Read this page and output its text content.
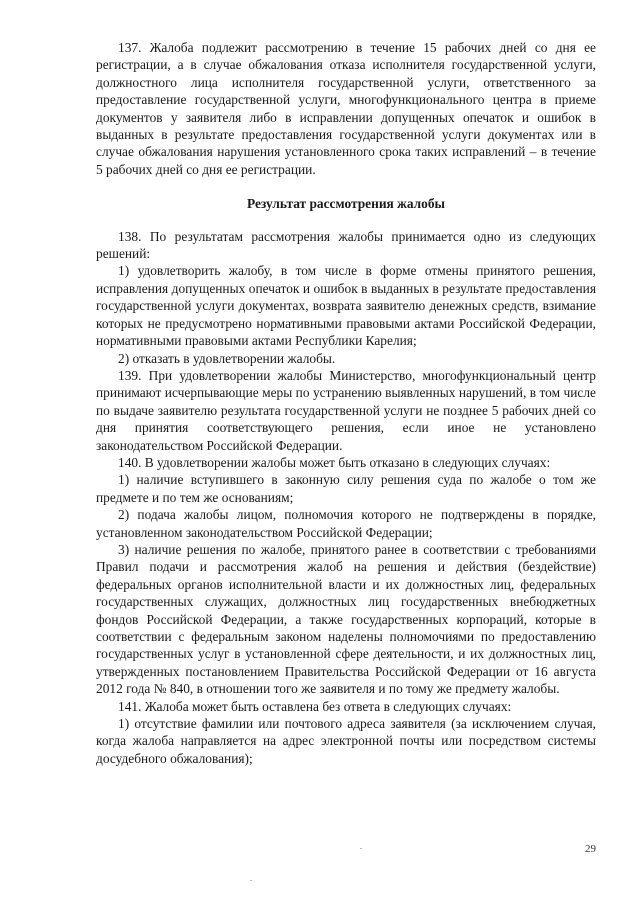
137. Жалоба подлежит рассмотрению в течение 15 рабочих дней со дня ее регистрации, а в случае обжалования отказа исполнителя государственной услуги, должностного лица исполнителя государственной услуги, ответственного за предоставление государственной услуги, многофункционального центра в приеме документов у заявителя либо в исправлении допущенных опечаток и ошибок в выданных в результате предоставления государственной услуги документах или в случае обжалования нарушения установленного срока таких исправлений – в течение 5 рабочих дней со дня ее регистрации.

Результат рассмотрения жалобы

138. По результатам рассмотрения жалобы принимается одно из следующих решений:

1) удовлетворить жалобу, в том числе в форме отмены принятого решения, исправления допущенных опечаток и ошибок в выданных в результате предоставления государственной услуги документах, возврата заявителю денежных средств, взимание которых не предусмотрено нормативными правовыми актами Российской Федерации, нормативными правовыми актами Республики Карелия;

2) отказать в удовлетворении жалобы.

139. При удовлетворении жалобы Министерство, многофункциональный центр принимают исчерпывающие меры по устранению выявленных нарушений, в том числе по выдаче заявителю результата государственной услуги не позднее 5 рабочих дней со дня принятия соответствующего решения, если иное не установлено законодательством Российской Федерации.

140. В удовлетворении жалобы может быть отказано в следующих случаях:

1) наличие вступившего в законную силу решения суда по жалобе о том же предмете и по тем же основаниям;

2) подача жалобы лицом, полномочия которого не подтверждены в порядке, установленном законодательством Российской Федерации;

3) наличие решения по жалобе, принятого ранее в соответствии с требованиями Правил подачи и рассмотрения жалоб на решения и действия (бездействие) федеральных органов исполнительной власти и их должностных лиц, федеральных государственных служащих, должностных лиц государственных внебюджетных фондов Российской Федерации, а также государственных корпораций, которые в соответствии с федеральным законом наделены полномочиями по предоставлению государственных услуг в установленной сфере деятельности, и их должностных лиц, утвержденных постановлением Правительства Российской Федерации от 16 августа 2012 года № 840, в отношении того же заявителя и по тому же предмету жалобы.

141. Жалоба может быть оставлена без ответа в следующих случаях:

1) отсутствие фамилии или почтового адреса заявителя (за исключением случая, когда жалоба направляется на адрес электронной почты или посредством системы досудебного обжалования);

29
